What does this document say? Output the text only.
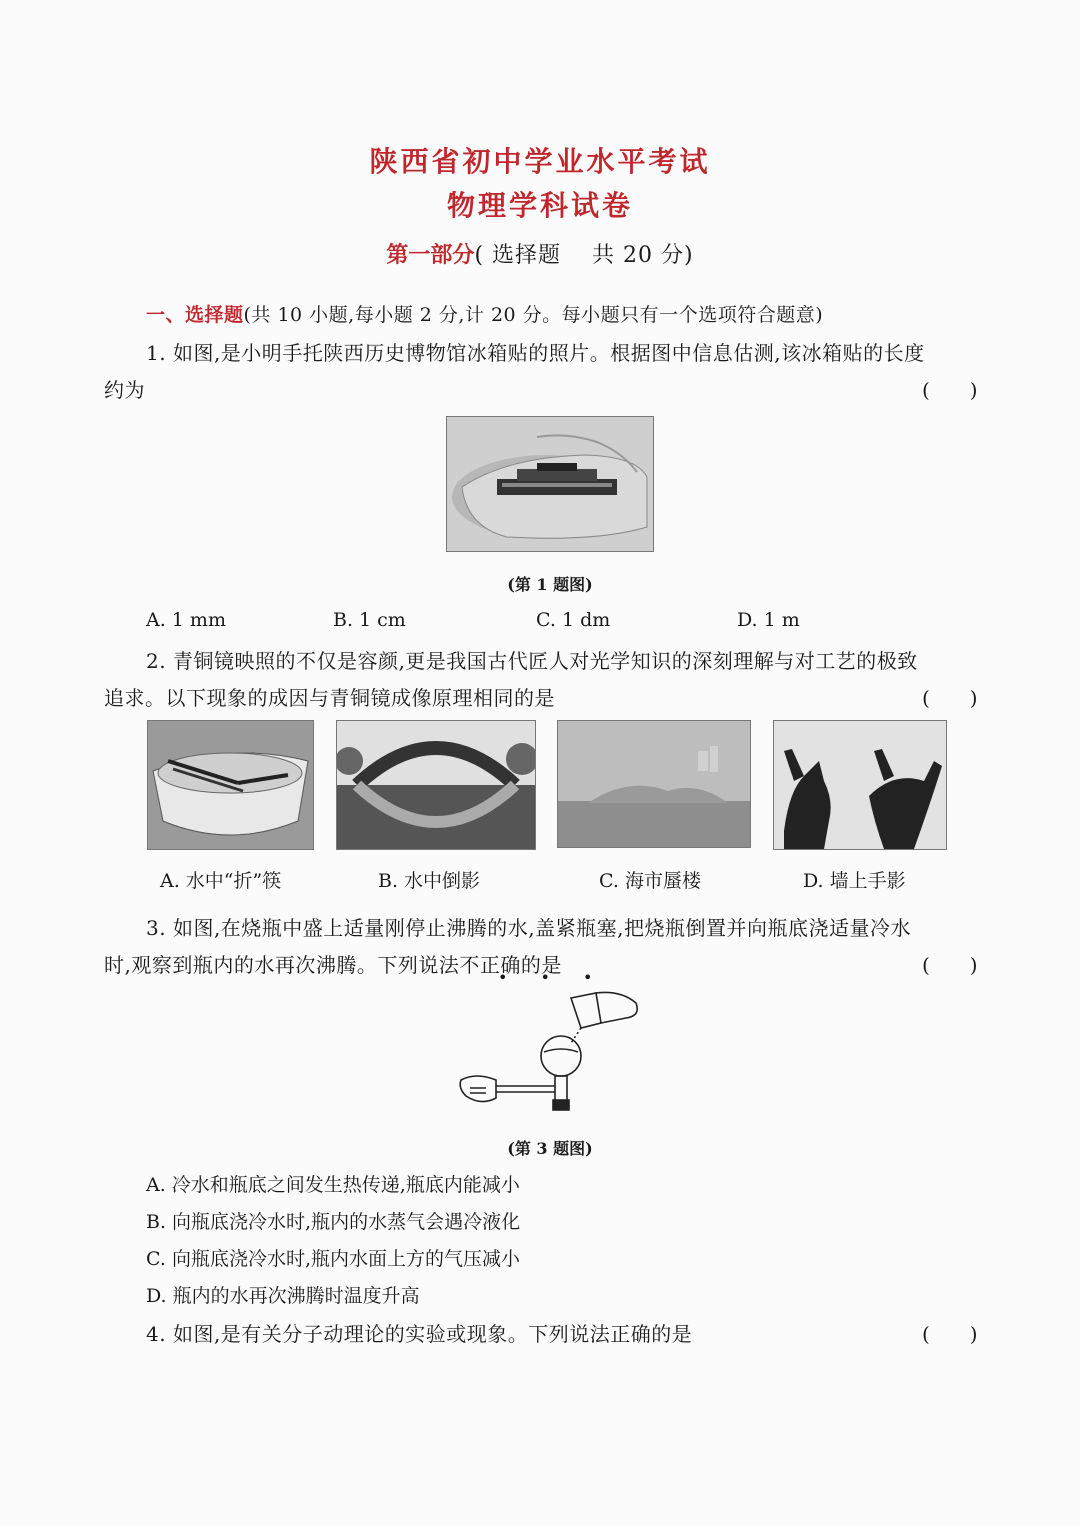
陕西省初中学业水平考试
物理学科试卷
第一部分( 选择题　 共 20 分)
一、选择题(共 10 小题,每小题 2 分,计 20 分。每小题只有一个选项符合题意)
1. 如图,是小明手托陕西历史博物馆冰箱贴的照片。根据图中信息估测,该冰箱贴的长度
约为	(　　)
(第 1 题图)
A. 1 mm	B. 1 cm	C. 1 dm	D. 1 m
2. 青铜镜映照的不仅是容颜,更是我国古代匠人对光学知识的深刻理解与对工艺的极致
追求。以下现象的成因与青铜镜成像原理相同的是	(　　)
A. 水中“折”筷	B. 水中倒影	C. 海市蜃楼	D. 墙上手影
3. 如图,在烧瓶中盛上适量刚停止沸腾的水,盖紧瓶塞,把烧瓶倒置并向瓶底浇适量冷水
时,观察到瓶内的水再次沸腾。下列说法不正确的是	(　　)
• • •
(第 3 题图)
A. 冷水和瓶底之间发生热传递,瓶底内能减小
B. 向瓶底浇冷水时,瓶内的水蒸气会遇冷液化
C. 向瓶底浇冷水时,瓶内水面上方的气压减小
D. 瓶内的水再次沸腾时温度升高
4. 如图,是有关分子动理论的实验或现象。下列说法正确的是	(　　)
